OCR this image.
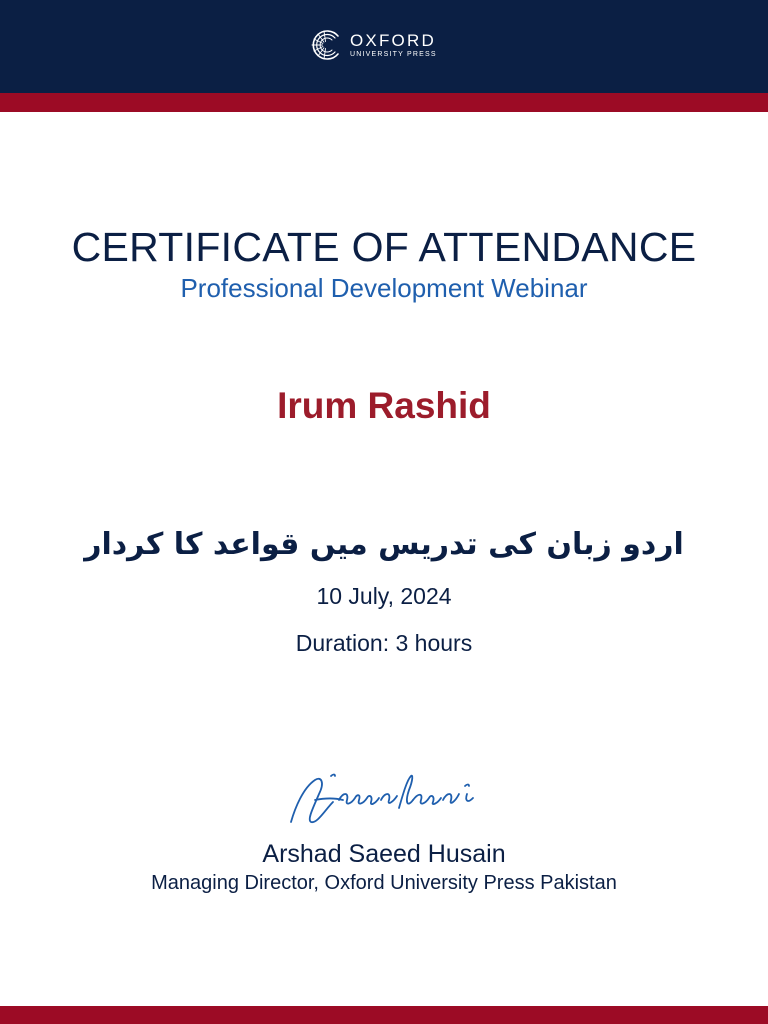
OXFORD
UNIVERSITY PRESS
CERTIFICATE OF ATTENDANCE
Professional Development Webinar
Irum Rashid
اردو زبان کی تدریس میں قواعد کا کردار
10 July, 2024
Duration: 3 hours
Arshad Saeed Husain
Managing Director, Oxford University Press Pakistan
